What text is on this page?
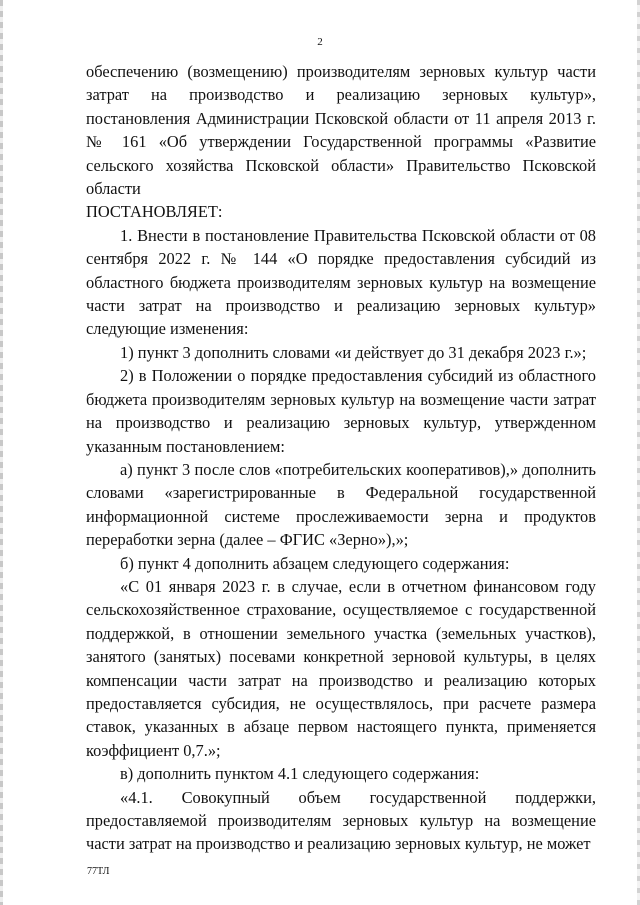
2

обеспечению (возмещению) производителям зерновых культур части затрат на производство и реализацию зерновых культур», постановления Администрации Псковской области от 11 апреля 2013 г. № 161 «Об утверждении Государственной программы «Развитие сельского хозяйства Псковской области» Правительство Псковской области

ПОСТАНОВЛЯЕТ:

1. Внести в постановление Правительства Псковской области от 08 сентября 2022 г. № 144 «О порядке предоставления субсидий из областного бюджета производителям зерновых культур на возмещение части затрат на производство и реализацию зерновых культур» следующие изменения:

1) пункт 3 дополнить словами «и действует до 31 декабря 2023 г.»;

2) в Положении о порядке предоставления субсидий из областного бюджета производителям зерновых культур на возмещение части затрат на производство и реализацию зерновых культур, утвержденном указанным постановлением:

а) пункт 3 после слов «потребительских кооперативов),» дополнить словами «зарегистрированные в Федеральной государственной информационной системе прослеживаемости зерна и продуктов переработки зерна (далее – ФГИС «Зерно»),»;

б) пункт 4 дополнить абзацем следующего содержания:

«С 01 января 2023 г. в случае, если в отчетном финансовом году сельскохозяйственное страхование, осуществляемое с государственной поддержкой, в отношении земельного участка (земельных участков), занятого (занятых) посевами конкретной зерновой культуры, в целях компенсации части затрат на производство и реализацию которых предоставляется субсидия, не осуществлялось, при расчете размера ставок, указанных в абзаце первом настоящего пункта, применяется коэффициент 0,7.»;

в) дополнить пунктом 4.1 следующего содержания:

«4.1. Совокупный объем государственной поддержки, предоставляемой производителям зерновых культур на возмещение части затрат на производство и реализацию зерновых культур, не может

77ТЛ
